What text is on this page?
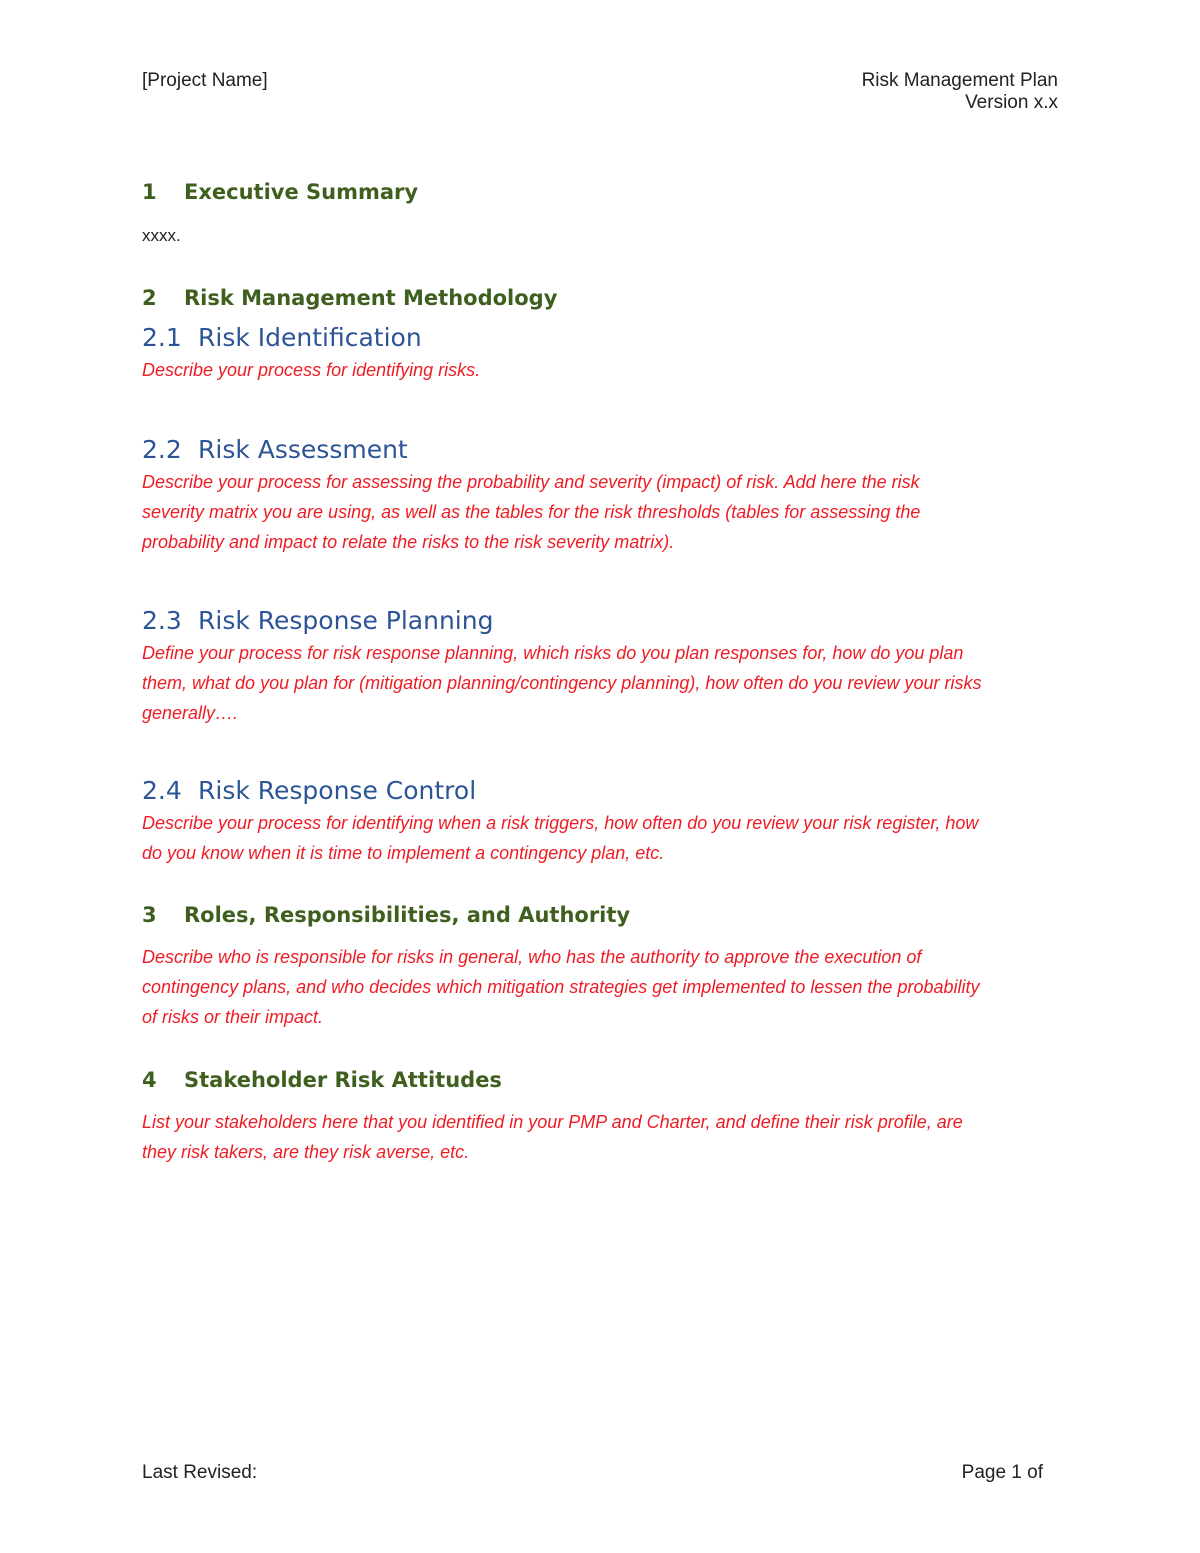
[Project Name]	Risk Management Plan
Version x.x
1 Executive Summary
xxxx.
2 Risk Management Methodology
2.1 Risk Identification
Describe your process for identifying risks.
2.2 Risk Assessment
Describe your process for assessing the probability and severity (impact) of risk. Add here the risk
severity matrix you are using, as well as the tables for the risk thresholds (tables for assessing the
probability and impact to relate the risks to the risk severity matrix).
2.3 Risk Response Planning
Define your process for risk response planning, which risks do you plan responses for, how do you plan
them, what do you plan for (mitigation planning/contingency planning), how often do you review your risks
generally….
2.4 Risk Response Control
Describe your process for identifying when a risk triggers, how often do you review your risk register, how
do you know when it is time to implement a contingency plan, etc.
3 Roles, Responsibilities, and Authority
Describe who is responsible for risks in general, who has the authority to approve the execution of
contingency plans, and who decides which mitigation strategies get implemented to lessen the probability
of risks or their impact.
4 Stakeholder Risk Attitudes
List your stakeholders here that you identified in your PMP and Charter, and define their risk profile, are
they risk takers, are they risk averse, etc.
Last Revised:	Page 1 of
